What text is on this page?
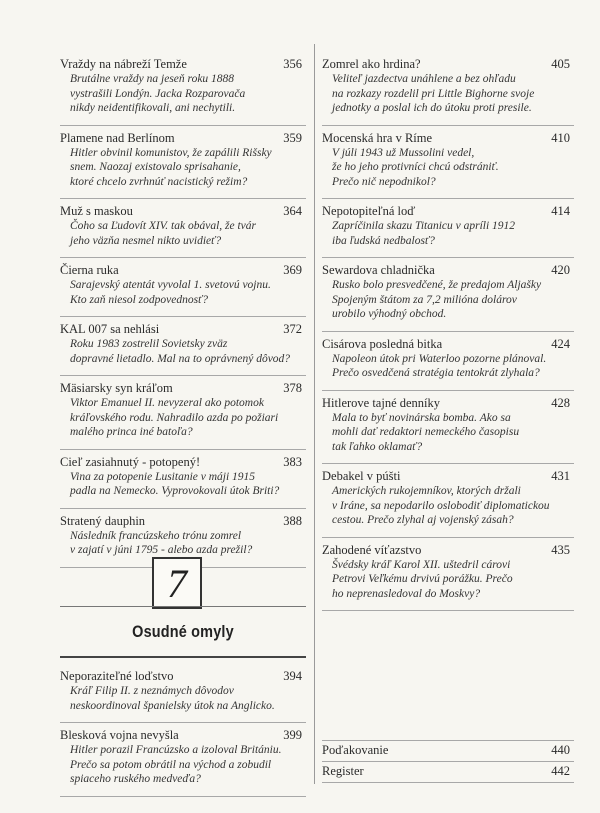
Vraždy na nábreží Temže	356
Brutálne vraždy na jeseň roku 1888
vystrašili Londýn. Jacka Rozparovača
nikdy neidentifikovali, ani nechytili.
Plamene nad Berlínom	359
Hitler obvinil komunistov, že zapálili Rišsky
snem. Naozaj existovalo sprisahanie,
ktoré chcelo zvrhnúť nacistický režim?
Muž s maskou	364
Čoho sa Ľudovít XIV. tak obával, že tvár
jeho väzňa nesmel nikto uvidieť?
Čierna ruka	369
Sarajevský atentát vyvolal 1. svetovú vojnu.
Kto zaň niesol zodpovednosť?
KAL 007 sa nehlási	372
Roku 1983 zostrelil Sovietsky zväz
dopravné lietadlo. Mal na to oprávnený dôvod?
Mäsiarsky syn kráľom	378
Viktor Emanuel II. nevyzeral ako potomok
kráľovského rodu. Nahradilo azda po požiari
malého princa iné batoľa?
Cieľ zasiahnutý - potopený!	383
Vina za potopenie Lusitanie v máji 1915
padla na Nemecko. Vyprovokovali útok Briti?
Stratený dauphin	388
Následník francúzskeho trónu zomrel
v zajatí v júni 1795 - alebo azda prežil?
7
Osudné omyly
Neporaziteľné loďstvo	394
Kráľ Filip II. z neznámych dôvodov
neskoordinoval španielsky útok na Anglicko.
Blesková vojna nevyšla	399
Hitler porazil Francúzsko a izoloval Britániu.
Prečo sa potom obrátil na východ a zobudil
spiaceho ruského medveďa?
Zomrel ako hrdina?	405
Veliteľ jazdectva unáhlene a bez ohľadu
na rozkazy rozdelil pri Little Bighorne svoje
jednotky a poslal ich do útoku proti presile.
Mocenská hra v Ríme	410
V júli 1943 už Mussolini vedel,
že ho jeho protivníci chcú odstrániť.
Prečo nič nepodnikol?
Nepotopiteľná loď	414
Zapríčinila skazu Titanicu v apríli 1912
iba ľudská nedbalosť?
Sewardova chladnička	420
Rusko bolo presvedčené, že predajom Aljašky
Spojeným štátom za 7,2 milióna dolárov
urobilo výhodný obchod.
Cisárova posledná bitka	424
Napoleon útok pri Waterloo pozorne plánoval.
Prečo osvedčená stratégia tentokrát zlyhala?
Hitlerove tajné denníky	428
Mala to byť novinárska bomba. Ako sa
mohli dať redaktori nemeckého časopisu
tak ľahko oklamať?
Debakel v púšti	431
Amerických rukojemníkov, ktorých držali
v Iráne, sa nepodarilo oslobodiť diplomatickou
cestou. Prečo zlyhal aj vojenský zásah?
Zahodené víťazstvo	435
Švédsky kráľ Karol XII. uštedril cárovi
Petrovi Veľkému drvivú porážku. Prečo
ho neprenasledoval do Moskvy?
Poďakovanie	440
Register	442
